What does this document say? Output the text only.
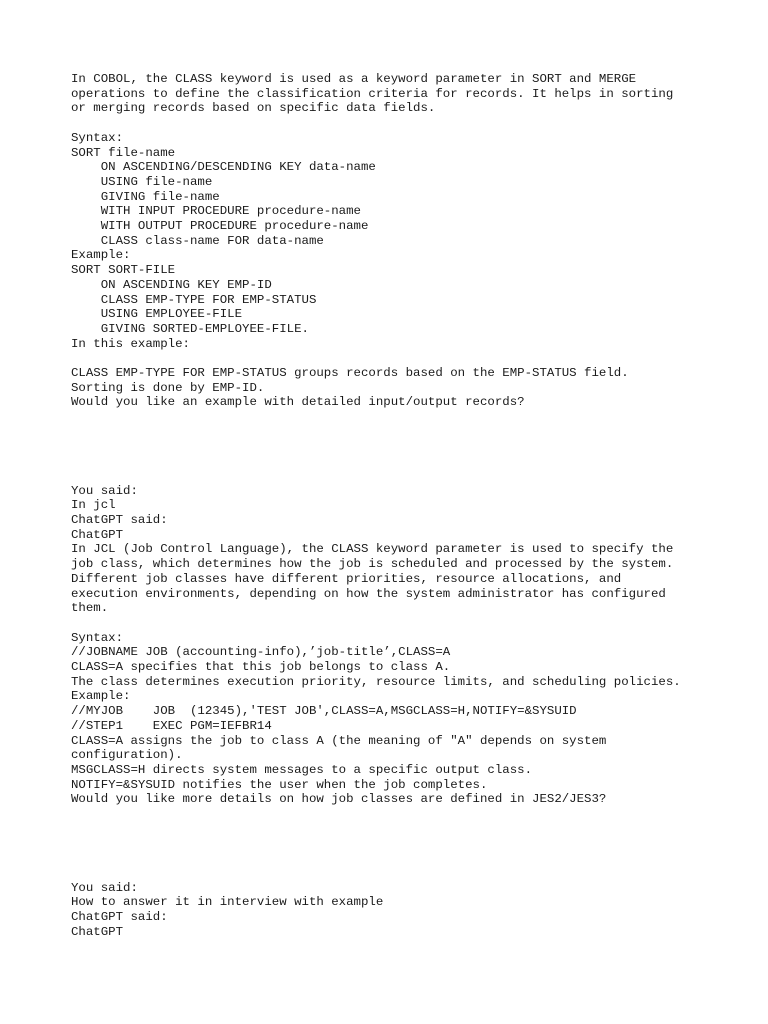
In COBOL, the CLASS keyword is used as a keyword parameter in SORT and MERGE
operations to define the classification criteria for records. It helps in sorting
or merging records based on specific data fields.
Syntax:
SORT file-name
ON ASCENDING/DESCENDING KEY data-name
USING file-name
GIVING file-name
WITH INPUT PROCEDURE procedure-name
WITH OUTPUT PROCEDURE procedure-name
CLASS class-name FOR data-name
Example:
SORT SORT-FILE
ON ASCENDING KEY EMP-ID
CLASS EMP-TYPE FOR EMP-STATUS
USING EMPLOYEE-FILE
GIVING SORTED-EMPLOYEE-FILE.
In this example:
CLASS EMP-TYPE FOR EMP-STATUS groups records based on the EMP-STATUS field.
Sorting is done by EMP-ID.
Would you like an example with detailed input/output records?
You said:
In jcl
ChatGPT said:
ChatGPT
In JCL (Job Control Language), the CLASS keyword parameter is used to specify the
job class, which determines how the job is scheduled and processed by the system.
Different job classes have different priorities, resource allocations, and
execution environments, depending on how the system administrator has configured
them.
Syntax:
//JOBNAME JOB (accounting-info),’job-title’,CLASS=A
CLASS=A specifies that this job belongs to class A.
The class determines execution priority, resource limits, and scheduling policies.
Example:
//MYJOB    JOB  (12345),'TEST JOB',CLASS=A,MSGCLASS=H,NOTIFY=&SYSUID
//STEP1    EXEC PGM=IEFBR14
CLASS=A assigns the job to class A (the meaning of "A" depends on system
configuration).
MSGCLASS=H directs system messages to a specific output class.
NOTIFY=&SYSUID notifies the user when the job completes.
Would you like more details on how job classes are defined in JES2/JES3?
You said:
How to answer it in interview with example
ChatGPT said:
ChatGPT
